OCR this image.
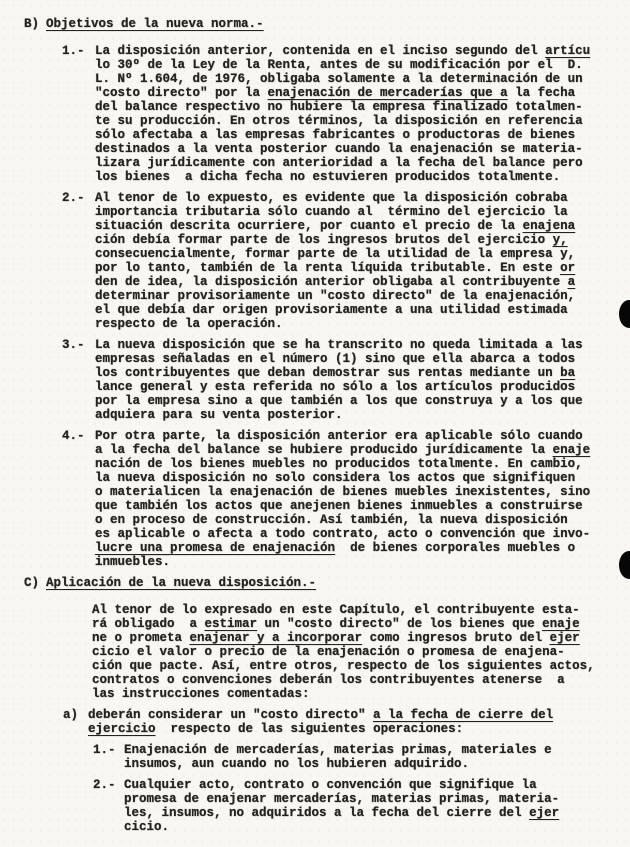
B) Objetivos de la nueva norma.-
1.- La disposición anterior, contenida en el inciso segundo del artícu
lo 30º de la Ley de la Renta, antes de su modificación por el  D.
L. Nº 1.604, de 1976, obligaba solamente a la determinación de un
"costo directo" por la enajenación de mercaderías que a la fecha
del balance respectivo no hubiere la empresa finalizado totalmen-
te su producción. En otros términos, la disposición en referencia
sólo afectaba a las empresas fabricantes o productoras de bienes
destinados a la venta posterior cuando la enajenación se materia-
lizara jurídicamente con anterioridad a la fecha del balance pero
los bienes  a dicha fecha no estuvieren producidos totalmente.
2.- Al tenor de lo expuesto, es evidente que la disposición cobraba
importancia tributaria sólo cuando al  término del ejercicio la
situación descrita ocurriere, por cuanto el precio de la enajena
ción debía formar parte de los ingresos brutos del ejercicio y,
consecuencialmente, formar parte de la utilidad de la empresa y,
por lo tanto, también de la renta líquida tributable. En este or
den de idea, la disposición anterior obligaba al contribuyente a
determinar provisoriamente un "costo directo" de la enajenación,
el que debía dar origen provisoriamente a una utilidad estimada
respecto de la operación.
3.- La nueva disposición que se ha transcrito no queda limitada a las
empresas señaladas en el número (1) sino que ella abarca a todos
los contribuyentes que deban demostrar sus rentas mediante un ba
lance general y esta referida no sólo a los artículos producidos
por la empresa sino a que también a los que construya y a los que
adquiera para su venta posterior.
4.- Por otra parte, la disposición anterior era aplicable sólo cuando
a la fecha del balance se hubiere producido jurídicamente la enaje
nación de los bienes muebles no producidos totalmente. En cambio,
la nueva disposición no solo considera los actos que signifiquen
o materialicen la enajenación de bienes muebles inexistentes, sino
que también los actos que anejenen bienes inmuebles a construirse
o en proceso de construcción. Así también, la nueva disposición
es aplicable o afecta a todo contrato, acto o convención que invo-
lucre una promesa de enajenación  de bienes corporales muebles o
inmuebles.
C) Aplicación de la nueva disposición.-
Al tenor de lo expresado en este Capítulo, el contribuyente esta-
rá obligado  a estimar un "costo directo" de los bienes que enaje
ne o prometa enajenar y a incorporar como ingresos bruto del ejer
cicio el valor o precio de la enajenación o promesa de enajena-
ción que pacte. Así, entre otros, respecto de los siguientes actos,
contratos o convenciones deberán los contribuyentes atenerse  a
las instrucciones comentadas:
a) deberán considerar un "costo directo" a la fecha de cierre del
ejercicio  respecto de las siguientes operaciones:
1.- Enajenación de mercaderías, materias primas, materiales e
insumos, aun cuando no los hubieren adquirido.
2.- Cualquier acto, contrato o convención que signifique la
promesa de enajenar mercaderías, materias primas, materia-
les, insumos, no adquiridos a la fecha del cierre del ejer
cicio.
